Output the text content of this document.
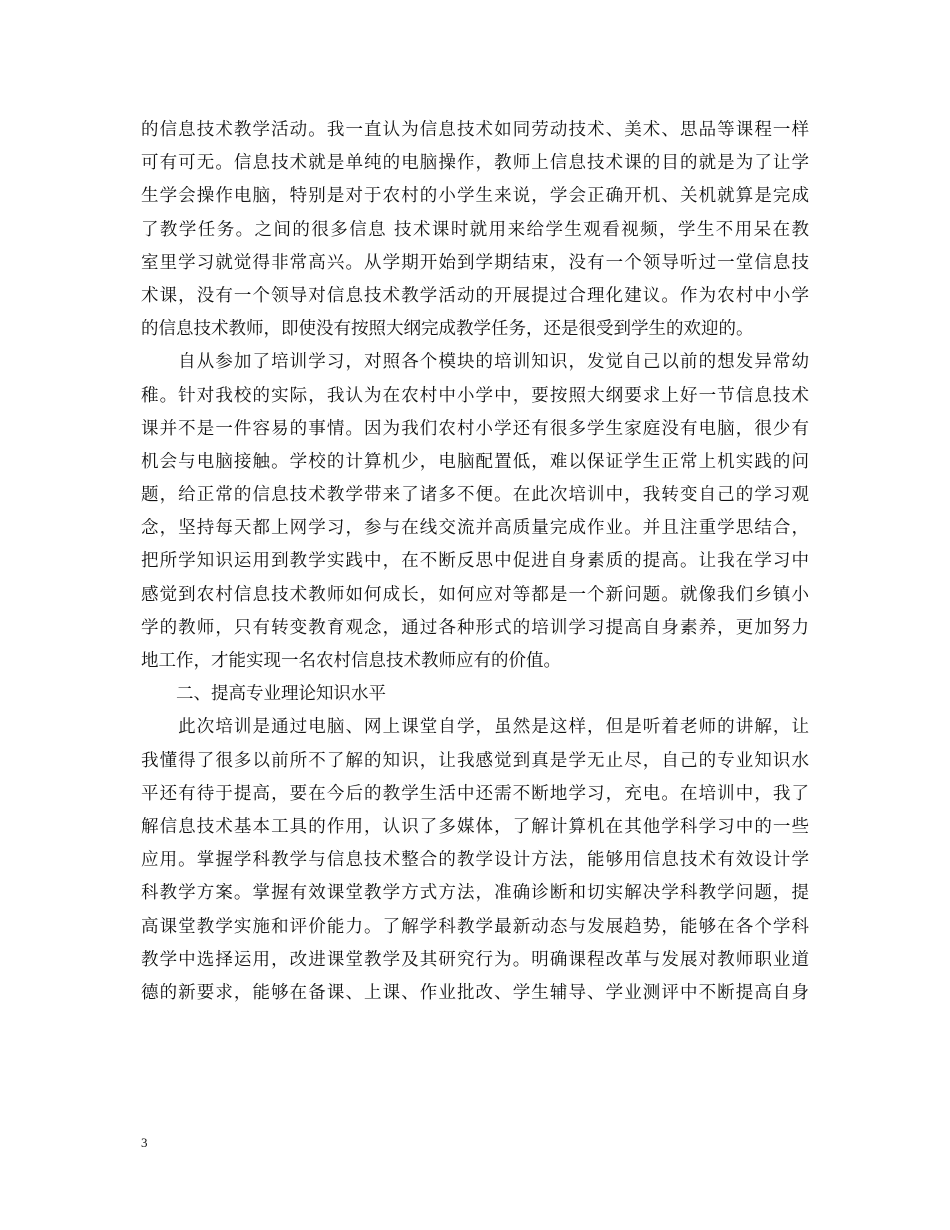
的信息技术教学活动。我一直认为信息技术如同劳动技术、美术、思品等课程一样
可有可无。信息技术就是单纯的电脑操作，教师上信息技术课的目的就是为了让学
生学会操作电脑，特别是对于农村的小学生来说，学会正确开机、关机就算是完成
了教学任务。之间的很多信息 技术课时就用来给学生观看视频，学生不用呆在教
室里学习就觉得非常高兴。从学期开始到学期结束，没有一个领导听过一堂信息技
术课，没有一个领导对信息技术教学活动的开展提过合理化建议。作为农村中小学
的信息技术教师，即使没有按照大纲完成教学任务，还是很受到学生的欢迎的。
　　自从参加了培训学习，对照各个模块的培训知识，发觉自己以前的想发异常幼
稚。针对我校的实际，我认为在农村中小学中，要按照大纲要求上好一节信息技术
课并不是一件容易的事情。因为我们农村小学还有很多学生家庭没有电脑，很少有
机会与电脑接触。学校的计算机少，电脑配置低，难以保证学生正常上机实践的问
题，给正常的信息技术教学带来了诸多不便。在此次培训中，我转变自己的学习观
念，坚持每天都上网学习，参与在线交流并高质量完成作业。并且注重学思结合，
把所学知识运用到教学实践中，在不断反思中促进自身素质的提高。让我在学习中
感觉到农村信息技术教师如何成长，如何应对等都是一个新问题。就像我们乡镇小
学的教师，只有转变教育观念，通过各种形式的培训学习提高自身素养，更加努力
地工作，才能实现一名农村信息技术教师应有的价值。
　　二、提高专业理论知识水平
　　此次培训是通过电脑、网上课堂自学，虽然是这样，但是听着老师的讲解，让
我懂得了很多以前所不了解的知识，让我感觉到真是学无止尽，自己的专业知识水
平还有待于提高，要在今后的教学生活中还需不断地学习，充电。在培训中，我了
解信息技术基本工具的作用，认识了多媒体，了解计算机在其他学科学习中的一些
应用。掌握学科教学与信息技术整合的教学设计方法，能够用信息技术有效设计学
科教学方案。掌握有效课堂教学方式方法，准确诊断和切实解决学科教学问题，提
高课堂教学实施和评价能力。了解学科教学最新动态与发展趋势，能够在各个学科
教学中选择运用，改进课堂教学及其研究行为。明确课程改革与发展对教师职业道
德的新要求，能够在备课、上课、作业批改、学生辅导、学业测评中不断提高自身
3
